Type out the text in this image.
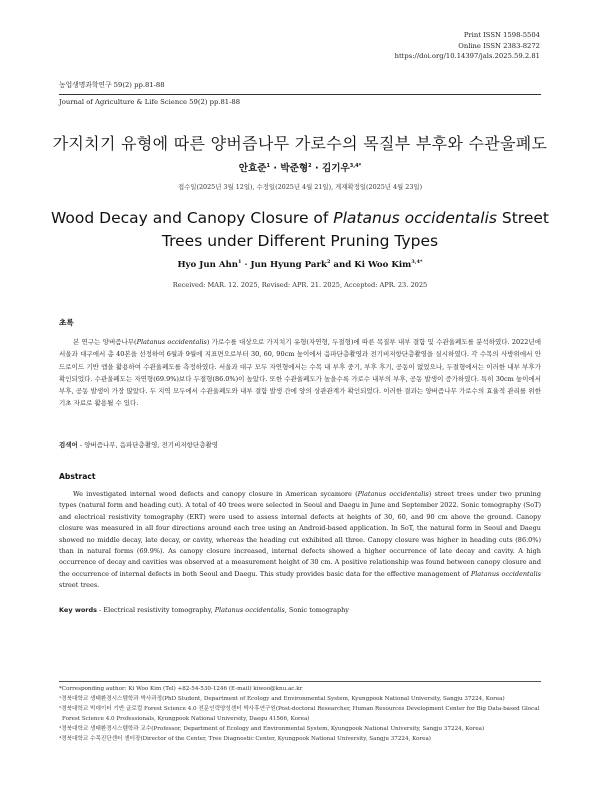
Print ISSN 1598-5504
Online ISSN 2383-8272
https://doi.org/10.14397/jals.2025.59.2.81
농업생명과학연구 59(2) pp.81-88
Journal of Agriculture & Life Science 59(2) pp.81-88
가지치기 유형에 따른 양버즘나무 가로수의 목질부 부후와 수관울폐도
안효준$^1$ · 박준형$^2$ · 김기우$^{3,4*}$
접수일(2025년 3월 12일), 수정일(2025년 4월 21일), 게재확정일(2025년 4월 23일)
Wood Decay and Canopy Closure of Platanus occidentalis Street
Trees under Different Pruning Types
Hyo Jun Ahn$^1$ · Jun Hyung Park$^2$ and Ki Woo Kim$^{3,4*}$
Received: MAR. 12. 2025, Revised: APR. 21. 2025, Accepted: APR. 23. 2025
초록
본 연구는 양버즘나무(Platanus occidentalis) 가로수를 대상으로 가지치기 유형(자연형, 두절형)에 따른 목질부 내부 결함 및 수관울폐도를 분석하였다. 2022년에 서울과 대구에서 총 40본을 선정하여 6월과 9월에 지표면으로부터 30, 60, 90cm 높이에서 음파단층촬영과 전기비저항단층촬영을 실시하였다. 각 수목의 사방위에서 안드로이드 기반 앱을 활용하여 수관울폐도를 측정하였다. 서울과 대구 모두 자연형에서는 수목 내 부후 중기, 부후 후기, 공동이 없었으나, 두절형에서는 이러한 내부 부후가 확인되었다. 수관울폐도는 자연형(69.9%)보다 두절형(86.0%)이 높았다. 또한 수관울폐도가 높을수록 가로수 내부의 부후, 공동 발생이 증가하였다. 특히 30cm 높이에서 부후, 공동 발생이 가장 많았다. 두 지역 모두에서 수관울폐도와 내부 결함 발생 간에 양의 상관관계가 확인되었다. 이러한 결과는 양버즘나무 가로수의 효율적 관리를 위한 기초 자료로 활용될 수 있다.
검색어 - 양버즘나무, 음파단층촬영, 전기비저항단층촬영
Abstract
We investigated internal wood defects and canopy closure in American sycamore (Platanus occidentalis) street trees under two pruning types (natural form and heading cut). A total of 40 trees were selected in Seoul and Daegu in June and September 2022. Sonic tomography (SoT) and electrical resistivity tomography (ERT) were used to assess internal defects at heights of 30, 60, and 90 cm above the ground. Canopy closure was measured in all four directions around each tree using an Android-based application. In SoT, the natural form in Seoul and Daegu showed no middle decay, late decay, or cavity, whereas the heading cut exhibited all three. Canopy closure was higher in heading cuts (86.0%) than in natural forms (69.9%). As canopy closure increased, internal defects showed a higher occurrence of late decay and cavity. A high occurrence of decay and cavities was observed at a measurement height of 30 cm. A positive relationship was found between canopy closure and the occurrence of internal defects in both Seoul and Daegu. This study provides basic data for the effective management of Platanus occidentalis street trees.
Key words - Electrical resistivity tomography, Platanus occidentalis, Sonic tomography
*Corresponding author: Ki Woo Kim (Tel) +82-54-530-1246 (E-mail) kiwoo@knu.ac.kr
¹경북대학교 생태환경시스템학과 박사과정(PhD Student, Department of Ecology and Environmental System, Kyungpook National University, Sangju 37224, Korea)
²경북대학교 빅데이터 기반 글로컬 Forest Science 4.0 전문인력양성센터 박사후연구원(Post-doctoral Researcher, Human Resources Development Center for Big Data-based Glocal Forest Science 4.0 Professionals, Kyungpook National University, Daegu 41566, Korea)
³경북대학교 생태환경시스템학과 교수(Professor, Department of Ecology and Environmental System, Kyungpook National University, Sangju 37224, Korea)
⁴경북대학교 수목진단센터 센터장(Director of the Center, Tree Diagnostic Center, Kyungpook National University, Sangju 37224, Korea)
